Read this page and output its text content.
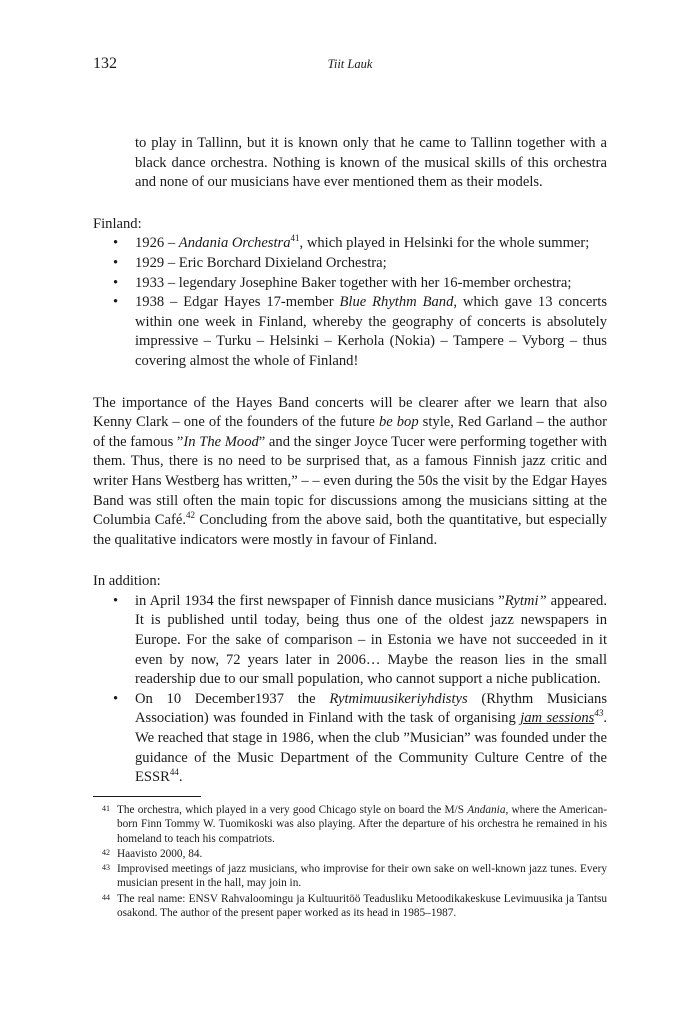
132	Tiit Lauk

to play in Tallinn, but it is known only that he came to Tallinn together with a black dance orchestra. Nothing is known of the musical skills of this orchestra and none of our musicians have ever mentioned them as their models.

Finland:

• 1926 – Andania Orchestra$^{41}$, which played in Helsinki for the whole summer;
• 1929 – Eric Borchard Dixieland Orchestra;
• 1933 – legendary Josephine Baker together with her 16-member orchestra;
• 1938 – Edgar Hayes 17-member Blue Rhythm Band, which gave 13 concerts within one week in Finland, whereby the geography of concerts is absolutely impressive – Turku – Helsinki – Kerhola (Nokia) – Tampere – Vyborg – thus covering almost the whole of Finland!

The importance of the Hayes Band concerts will be clearer after we learn that also Kenny Clark – one of the founders of the future be bop style, Red Garland – the author of the famous ”In The Mood” and the singer Joyce Tucer were performing together with them. Thus, there is no need to be surprised that, as a famous Finnish jazz critic and writer Hans Westberg has written,” – – even during the 50s the visit by the Edgar Hayes Band was still often the main topic for discussions among the musicians sitting at the Columbia Café.$^{42}$ Concluding from the above said, both the quantitative, but especially the qualitative indicators were mostly in favour of Finland.

In addition:

• in April 1934 the first newspaper of Finnish dance musicians ”Rytmi” appeared. It is published until today, being thus one of the oldest jazz newspapers in Europe. For the sake of comparison – in Estonia we have not succeeded in it even by now, 72 years later in 2006… Maybe the reason lies in the small readership due to our small population, who cannot support a niche publication.
• On 10 December1937 the Rytmimuusikeriyhdistys (Rhythm Musicians Association) was founded in Finland with the task of organising jam sessions$^{43}$. We reached that stage in 1986, when the club ”Musician” was founded under the guidance of the Music Department of the Community Culture Centre of the ESSR$^{44}$.
41 The orchestra, which played in a very good Chicago style on board the M/S Andania, where the American-born Finn Tommy W. Tuomikoski was also playing. After the departure of his orchestra he remained in his homeland to teach his compatriots.
42 Haavisto 2000, 84.
43 Improvised meetings of jazz musicians, who improvise for their own sake on well-known jazz tunes. Every musician present in the hall, may join in.
44 The real name: ENSV Rahvaloomingu ja Kultuuritöö Teadusliku Metoodikakeskuse Levimuusika ja Tantsu osakond. The author of the present paper worked as its head in 1985–1987.
